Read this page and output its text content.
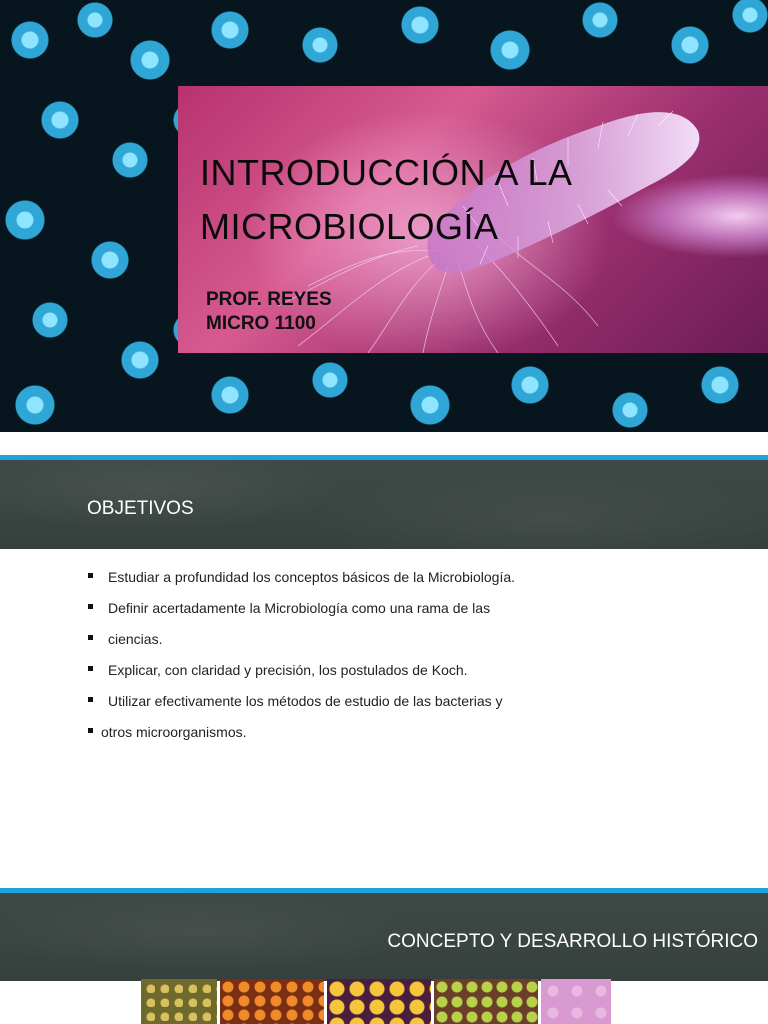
INTRODUCCIÓN A LA
MICROBIOLOGÍA
PROF. REYES
MICRO 1100
OBJETIVOS
Estudiar a profundidad los conceptos básicos de la Microbiología.
Definir acertadamente la Microbiología como una rama de las
ciencias.
Explicar, con claridad y precisión, los postulados de Koch.
Utilizar efectivamente los métodos de estudio de las bacterias y
otros microorganismos.
CONCEPTO Y DESARROLLO HISTÓRICO
